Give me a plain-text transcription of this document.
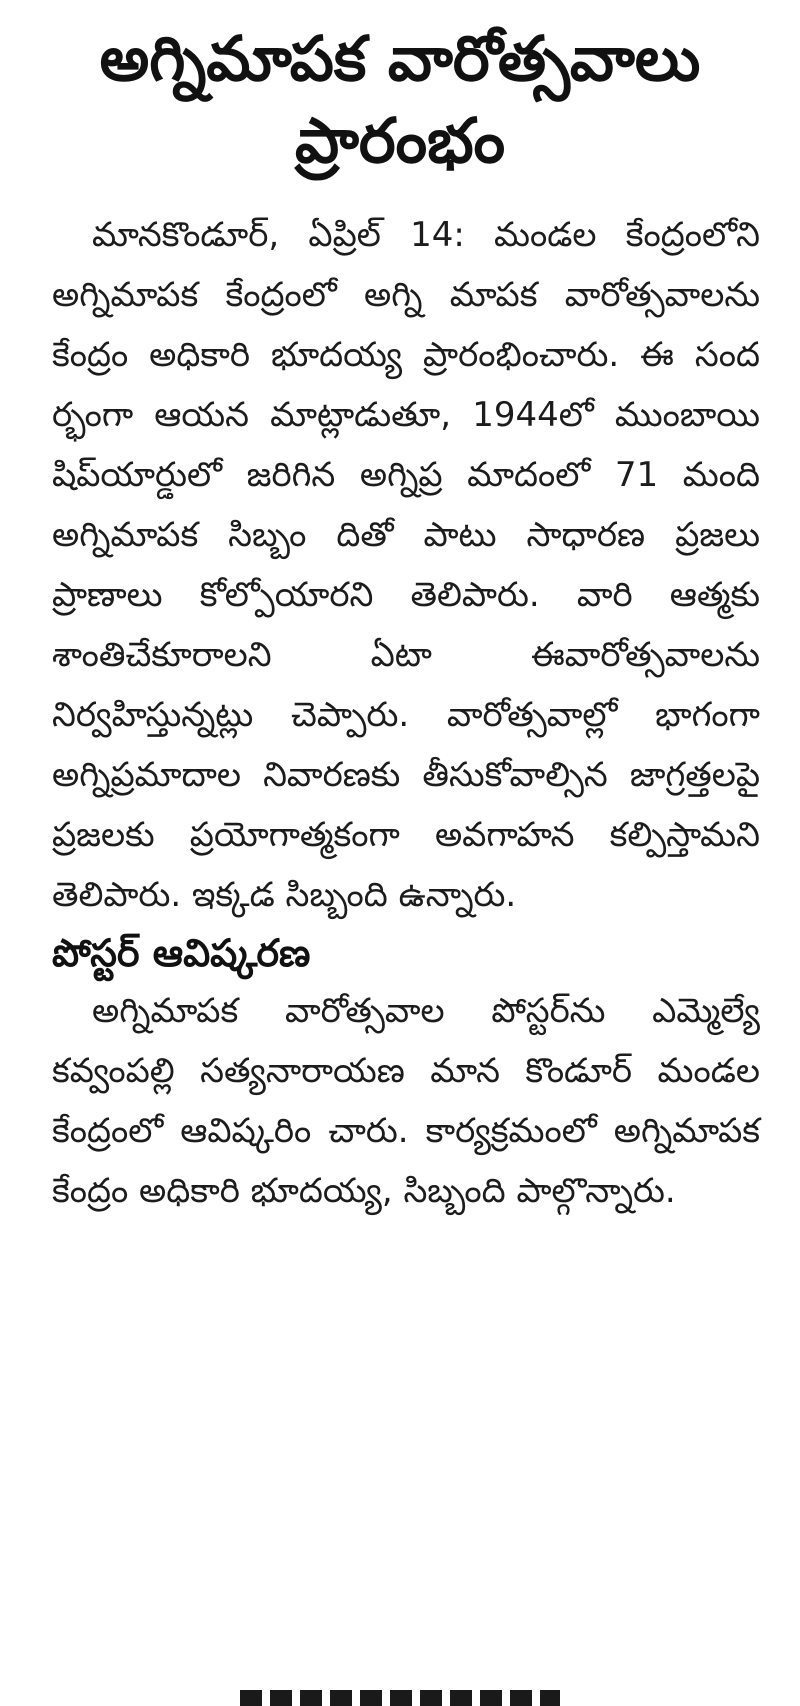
అగ్నిమాపక వారోత్సవాలు
ప్రారంభం

మానకొండూర్, ఏప్రిల్ 14: మండల కేంద్రంలోని అగ్నిమాపక కేంద్రంలో అగ్ని మాపక వారోత్సవాలను కేంద్రం అధికారి భూదయ్య ప్రారంభించారు. ఈ సంద ర్భంగా ఆయన మాట్లాడుతూ, 1944లో ముంబాయి షిప్‌యార్డులో జరిగిన అగ్నిప్ర మాదంలో 71 మంది అగ్నిమాపక సిబ్బం దితో పాటు సాధారణ ప్రజలు ప్రాణాలు కోల్పోయారని తెలిపారు. వారి ఆత్మకు శాంతిచేకూరాలని ఏటా ఈవారోత్సవాలను నిర్వహిస్తున్నట్లు చెప్పారు. వారోత్సవాల్లో భాగంగా అగ్నిప్రమాదాల నివారణకు తీసుకోవాల్సిన జాగ్రత్తలపై ప్రజలకు ప్రయోగాత్మకంగా అవగాహన కల్పిస్తామని తెలిపారు. ఇక్కడ సిబ్బంది ఉన్నారు.

పోస్టర్ ఆవిష్కరణ

అగ్నిమాపక వారోత్సవాల పోస్టర్‌ను ఎమ్మెల్యే కవ్వంపల్లి సత్యనారాయణ మాన కొండూర్ మండల కేంద్రంలో ఆవిష్కరిం చారు. కార్యక్రమంలో అగ్నిమాపక కేంద్రం అధికారి భూదయ్య, సిబ్బంది పాల్గొన్నారు.
